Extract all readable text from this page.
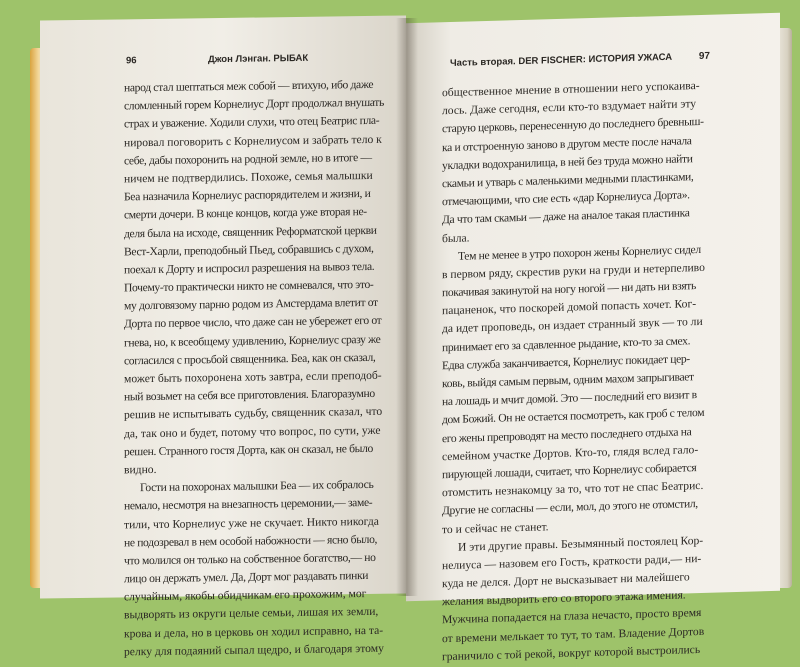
96	Джон Лэнган. РЫБАК
народ стал шептаться меж собой — втихую, ибо даже
сломленный горем Корнелиус Дорт продолжал внушать
страх и уважение. Ходили слухи, что отец Беатрис пла-
нировал поговорить с Корнелиусом и забрать тело к
себе, дабы похоронить на родной земле, но в итоге —
ничем не подтвердились. Похоже, семья малышки
Беа назначила Корнелиус распорядителем и жизни, и
смерти дочери. В конце концов, когда уже вторая не-
деля была на исходе, священник Реформатской церкви
Вест-Харли, преподобный Пьед, собравшись с духом,
поехал к Дорту и испросил разрешения на вывоз тела.
Почему-то практически никто не сомневался, что это-
му долговязому парню родом из Амстердама влетит от
Дорта по первое число, что даже сан не убережет его от
гнева, но, к всеобщему удивлению, Корнелиус сразу же
согласился с просьбой священника. Беа, как он сказал,
может быть похоронена хоть завтра, если преподоб-
ный возьмет на себя все приготовления. Благоразумно
решив не испытывать судьбу, священник сказал, что
да, так оно и будет, потому что вопрос, по сути, уже
решен. Странного гостя Дорта, как он сказал, не было
видно.
Гости на похоронах малышки Беа — их собралось
немало, несмотря на внезапность церемонии,— заме-
тили, что Корнелиус уже не скучает. Никто никогда
не подозревал в нем особой набожности — ясно было,
что молился он только на собственное богатство,— но
лицо он держать умел. Да, Дорт мог раздавать пинки
случайным, якобы обидчикам его прохожим, мог
выдворять из округи целые семьи, лишая их земли,
крова и дела, но в церковь он ходил исправно, на та-
релку для подаяний сыпал щедро, и благодаря этому
Часть вторая. DER FISCHER: ИСТОРИЯ УЖАСА	97
общественное мнение в отношении него успокаива-
лось. Даже сегодня, если кто-то вздумает найти эту
старую церковь, перенесенную до последнего бревныш-
ка и отстроенную заново в другом месте после начала
укладки водохранилища, в ней без труда можно найти
скамьи и утварь с маленькими медными пластинками,
отмечающими, что сие есть «дар Корнелиуса Дорта».
Да что там скамьи — даже на аналое такая пластинка
была.
Тем не менее в утро похорон жены Корнелиус сидел
в первом ряду, скрестив руки на груди и нетерпеливо
покачивая закинутой на ногу ногой — ни дать ни взять
пацаненок, что поскорей домой попасть хочет. Ког-
да идет проповедь, он издает странный звук — то ли
принимает его за сдавленное рыдание, кто-то за смех.
Едва служба заканчивается, Корнелиус покидает цер-
ковь, выйдя самым первым, одним махом запрыгивает
на лошадь и мчит домой. Это — последний его визит в
дом Божий. Он не остается посмотреть, как гроб с телом
его жены препроводят на место последнего отдыха на
семейном участке Дортов. Кто-то, глядя вслед гало-
пирующей лошади, считает, что Корнелиус собирается
отомстить незнакомцу за то, что тот не спас Беатрис.
Другие не согласны — если, мол, до этого не отомстил,
то и сейчас не станет.
И эти другие правы. Безымянный постоялец Кор-
нелиуса — назовем его Гость, краткости ради,— ни-
куда не делся. Дорт не высказывает ни малейшего
желания выдворить его со второго этажа имения.
Мужчина попадается на глаза нечасто, просто время
от времени мелькает то тут, то там. Владение Дортов
граничило с той рекой, вокруг которой выстроились
